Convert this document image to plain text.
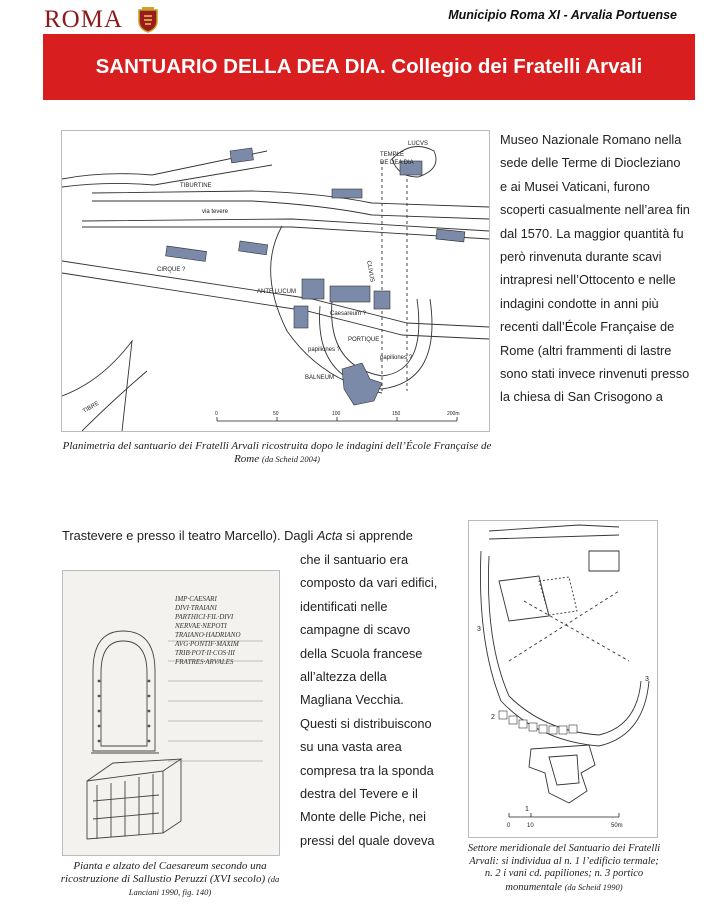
ROMA	Municipio Roma XI - Arvalia Portuense
SANTUARIO DELLA DEA DIA. Collegio dei Fratelli Arvali
TEMPLE
DE DEA DIA
LUCVS
TIBURTINE
via tevere
ANTE LUCUM
CIRQUE ?	CLIVUS
Caesareum ?
PORTIQUE
papiliones ?
papiliones ?
BALNEUM
TIBRE	0	50	100	150	200m
Planimetria del santuario dei Fratelli Arvali ricostruita dopo le indagini dell’École Française de Rome (da Scheid 2004)

Museo Nazionale Romano nella sede delle Terme di Diocleziano e ai Musei Vaticani, furono scoperti casualmente nell’area fin dal 1570. La maggior quantità fu però rinvenuta durante scavi intrapresi nell’Ottocento e nelle indagini condotte in anni più recenti dall’École Française de Rome (altri frammenti di lastre sono stati invece rinvenuti presso la chiesa di San Crisogono a

Trastevere e presso il teatro Marcello). Dagli Acta si apprende

che il santuario era composto da vari edifici, identificati nelle campagne di scavo della Scuola francese all’altezza della Magliana Vecchia. Questi si distribuiscono su una vasta area compresa tra la sponda destra del Tevere e il Monte delle Piche, nei pressi del quale doveva

IMP·CAESARI
DIVI·TRAIANI
PARTHICI·FIL·DIVI
NERVAE·NEPOTI
TRAIANO·HADRIANO
AVG·PONTIF·MAXIM
TRIB·POT·II·COS·III
FRATRES·ARVALES
Pianta e alzato del Caesareum secondo una ricostruzione di Sallustio Peruzzi (XVI secolo) (da Lanciani 1990, fig. 140)
1
2
3
3
0	10	50m
Settore meridionale del Santuario dei Fratelli Arvali: si individua al n. 1 l’edificio termale; n. 2 i vani cd. papiliones; n. 3 portico monumentale (da Scheid 1990)
